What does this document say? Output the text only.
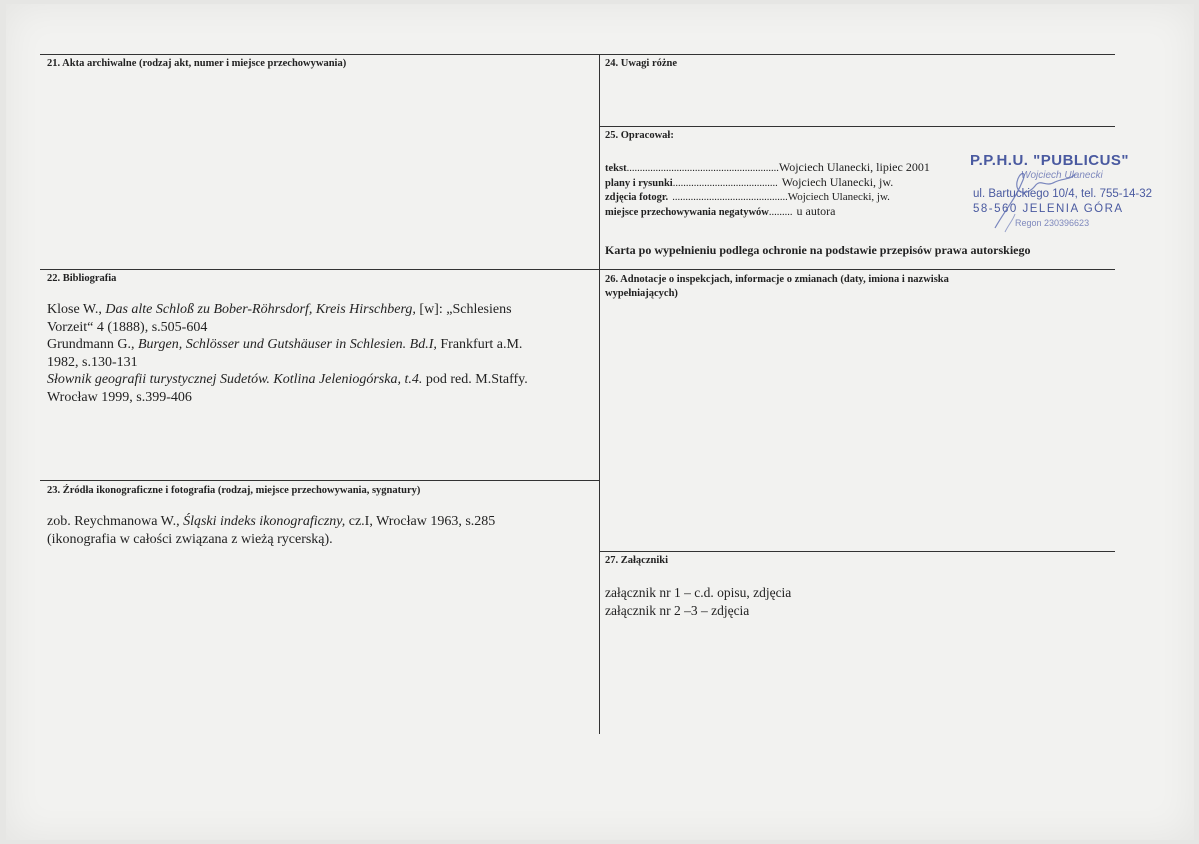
21. Akta archiwalne (rodzaj akt, numer i miejsce przechowywania)	24. Uwagi różne
25. Opracował:
tekst..........................................................Wojciech Ulanecki, lipiec 2001
plany i rysunki........................................ Wojciech Ulanecki, jw.
zdjęcia fotogr. ............................................Wojciech Ulanecki, jw.
miejsce przechowywania negatywów......... u autora
Karta po wypełnieniu podlega ochronie na podstawie przepisów prawa autorskiego
P.P.H.U. "PUBLICUS"
Wojciech Ulanecki
ul. Bartuckiego 10/4, tel. 755-14-32
58-560 JELENIA GÓRA
Regon 230396623
22. Bibliografia
Klose W., Das alte Schloß zu Bober-Röhrsdorf, Kreis Hirschberg, [w]: „Schlesiens
Vorzeit“ 4 (1888), s.505-604
Grundmann G., Burgen, Schlösser und Gutshäuser in Schlesien. Bd.I, Frankfurt a.M.
1982, s.130-131
Słownik geografii turystycznej Sudetów. Kotlina Jeleniogórska, t.4. pod red. M.Staffy.
Wrocław 1999, s.399-406
26. Adnotacje o inspekcjach, informacje o zmianach (daty, imiona i nazwiska
wypełniających)
23. Źródła ikonograficzne i fotografia (rodzaj, miejsce przechowywania, sygnatury)
zob. Reychmanowa W., Śląski indeks ikonograficzny, cz.I, Wrocław 1963, s.285
(ikonografia w całości związana z wieżą rycerską).
27. Załączniki
załącznik nr 1 – c.d. opisu, zdjęcia
załącznik nr 2 –3 – zdjęcia
